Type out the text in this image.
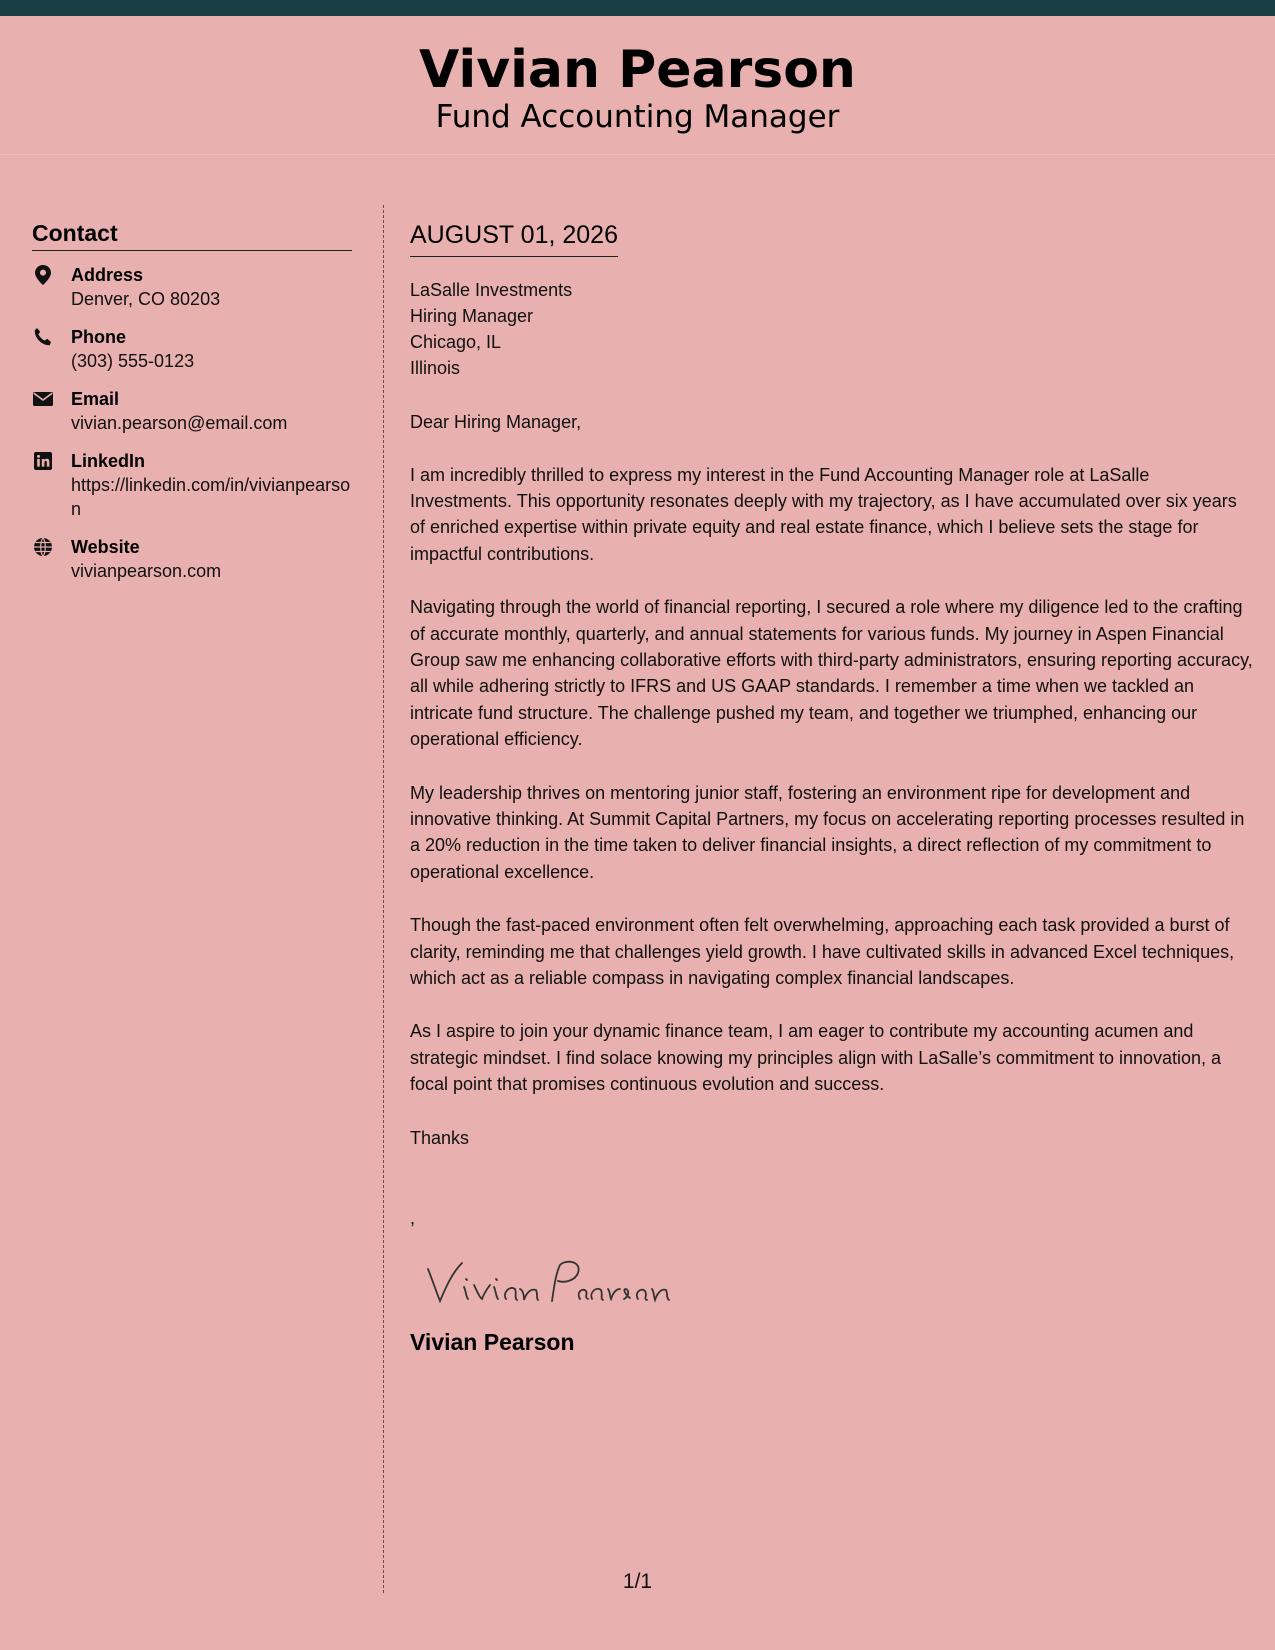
Vivian Pearson
Fund Accounting Manager
Contact
Address
Denver, CO 80203
Phone
(303) 555-0123
Email
vivian.pearson@email.com
LinkedIn
https://linkedin.com/in/vivianpearson
Website
vivianpearson.com
AUGUST 01, 2026
LaSalle Investments
Hiring Manager
Chicago, IL
Illinois
Dear Hiring Manager,
I am incredibly thrilled to express my interest in the Fund Accounting Manager role at LaSalle Investments. This opportunity resonates deeply with my trajectory, as I have accumulated over six years of enriched expertise within private equity and real estate finance, which I believe sets the stage for impactful contributions.
Navigating through the world of financial reporting, I secured a role where my diligence led to the crafting of accurate monthly, quarterly, and annual statements for various funds. My journey in Aspen Financial Group saw me enhancing collaborative efforts with third-party administrators, ensuring reporting accuracy, all while adhering strictly to IFRS and US GAAP standards. I remember a time when we tackled an intricate fund structure. The challenge pushed my team, and together we triumphed, enhancing our operational efficiency.
My leadership thrives on mentoring junior staff, fostering an environment ripe for development and innovative thinking. At Summit Capital Partners, my focus on accelerating reporting processes resulted in a 20% reduction in the time taken to deliver financial insights, a direct reflection of my commitment to operational excellence.
Though the fast-paced environment often felt overwhelming, approaching each task provided a burst of clarity, reminding me that challenges yield growth. I have cultivated skills in advanced Excel techniques, which act as a reliable compass in navigating complex financial landscapes.
As I aspire to join your dynamic finance team, I am eager to contribute my accounting acumen and strategic mindset. I find solace knowing my principles align with LaSalle’s commitment to innovation, a focal point that promises continuous evolution and success.
Thanks
,
Vivian Pearson
1/1
